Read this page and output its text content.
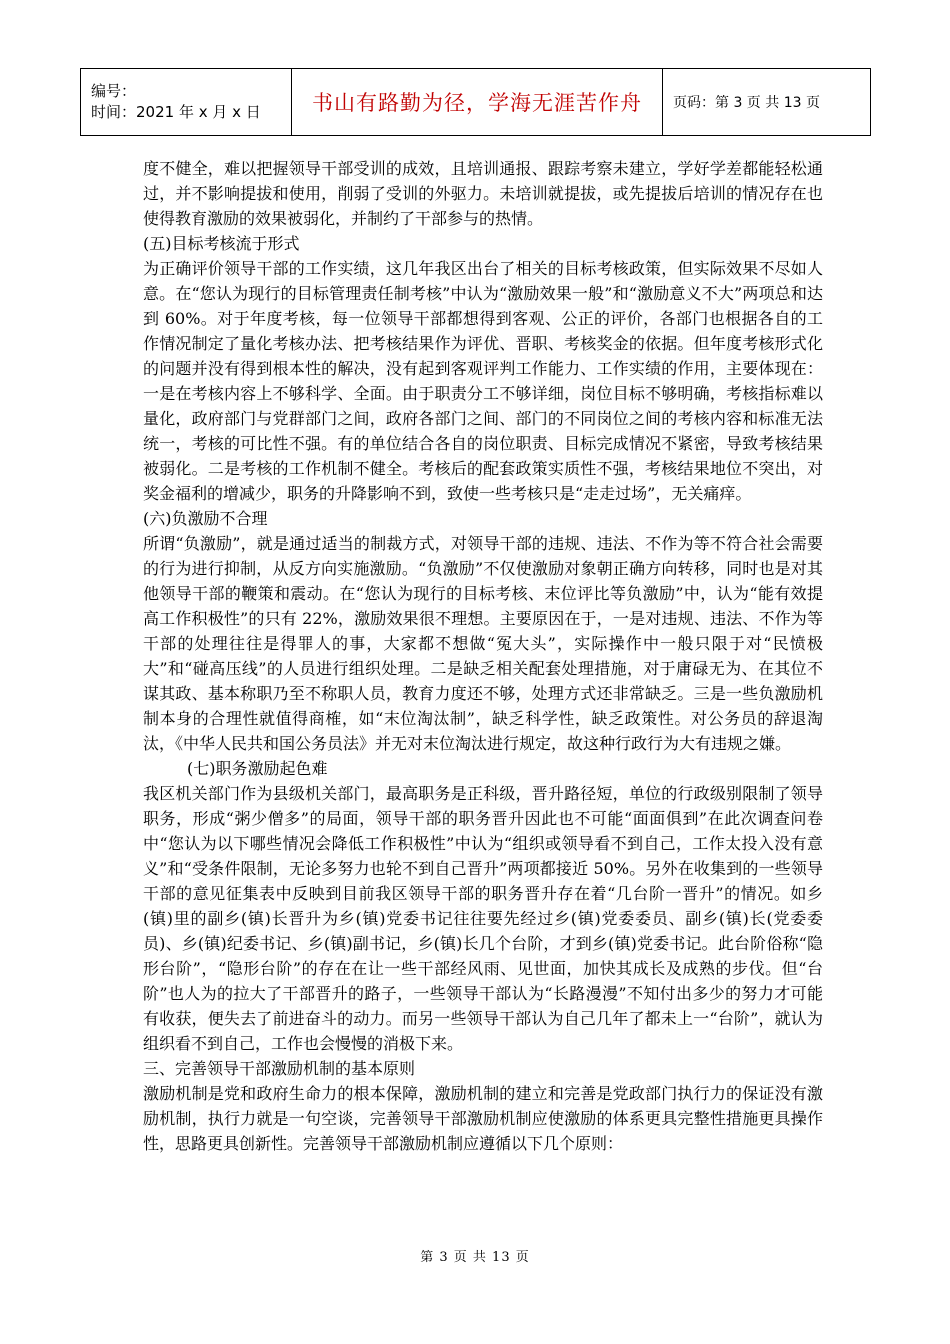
编号：
时间：2021 年 x 月 x 日	书山有路勤为径，学海无涯苦作舟	页码：第 3 页 共 13 页

度不健全，难以把握领导干部受训的成效，且培训通报、跟踪考察未建立，学好学差都能轻松通过，并不影响提拔和使用，削弱了受训的外驱力。未培训就提拔，或先提拔后培训的情况存在也使得教育激励的效果被弱化，并制约了干部参与的热情。

(五)目标考核流于形式

为正确评价领导干部的工作实绩，这几年我区出台了相关的目标考核政策，但实际效果不尽如人意。在“您认为现行的目标管理责任制考核”中认为“激励效果一般”和“激励意义不大”两项总和达到 60%。对于年度考核，每一位领导干部都想得到客观、公正的评价，各部门也根据各自的工作情况制定了量化考核办法、把考核结果作为评优、晋职、考核奖金的依据。但年度考核形式化的问题并没有得到根本性的解决，没有起到客观评判工作能力、工作实绩的作用，主要体现在：一是在考核内容上不够科学、全面。由于职责分工不够详细，岗位目标不够明确，考核指标难以量化，政府部门与党群部门之间，政府各部门之间、部门的不同岗位之间的考核内容和标准无法统一，考核的可比性不强。有的单位结合各自的岗位职责、目标完成情况不紧密，导致考核结果被弱化。二是考核的工作机制不健全。考核后的配套政策实质性不强，考核结果地位不突出，对奖金福利的增减少，职务的升降影响不到，致使一些考核只是“走走过场”，无关痛痒。

(六)负激励不合理

所谓“负激励”，就是通过适当的制裁方式，对领导干部的违规、违法、不作为等不符合社会需要的行为进行抑制，从反方向实施激励。“负激励”不仅使激励对象朝正确方向转移，同时也是对其他领导干部的鞭策和震动。在“您认为现行的目标考核、末位评比等负激励”中，认为“能有效提高工作积极性”的只有 22%，激励效果很不理想。主要原因在于，一是对违规、违法、不作为等干部的处理往往是得罪人的事，大家都不想做“冤大头”，实际操作中一般只限于对“民愤极大”和“碰高压线”的人员进行组织处理。二是缺乏相关配套处理措施，对于庸碌无为、在其位不谋其政、基本称职乃至不称职人员，教育力度还不够，处理方式还非常缺乏。三是一些负激励机制本身的合理性就值得商榷，如“末位淘汰制”，缺乏科学性，缺乏政策性。对公务员的辞退淘汰，《中华人民共和国公务员法》并无对末位淘汰进行规定，故这种行政行为大有违规之嫌。

(七)职务激励起色难

我区机关部门作为县级机关部门，最高职务是正科级，晋升路径短，单位的行政级别限制了领导职务，形成“粥少僧多”的局面，领导干部的职务晋升因此也不可能“面面俱到”在此次调查问卷中“您认为以下哪些情况会降低工作积极性”中认为“组织或领导看不到自己，工作太投入没有意义”和“受条件限制，无论多努力也轮不到自己晋升”两项都接近 50%。另外在收集到的一些领导干部的意见征集表中反映到目前我区领导干部的职务晋升存在着“几台阶一晋升”的情况。如乡(镇)里的副乡(镇)长晋升为乡(镇)党委书记往往要先经过乡(镇)党委委员、副乡(镇)长(党委委员)、乡(镇)纪委书记、乡(镇)副书记，乡(镇)长几个台阶，才到乡(镇)党委书记。此台阶俗称“隐形台阶”，“隐形台阶”的存在在让一些干部经风雨、见世面，加快其成长及成熟的步伐。但“台阶”也人为的拉大了干部晋升的路子，一些领导干部认为“长路漫漫”不知付出多少的努力才可能有收获，便失去了前进奋斗的动力。而另一些领导干部认为自己几年了都未上一“台阶”，就认为组织看不到自己，工作也会慢慢的消极下来。

三、完善领导干部激励机制的基本原则

激励机制是党和政府生命力的根本保障，激励机制的建立和完善是党政部门执行力的保证没有激励机制，执行力就是一句空谈，完善领导干部激励机制应使激励的体系更具完整性措施更具操作性，思路更具创新性。完善领导干部激励机制应遵循以下几个原则：

第 3 页 共 13 页
